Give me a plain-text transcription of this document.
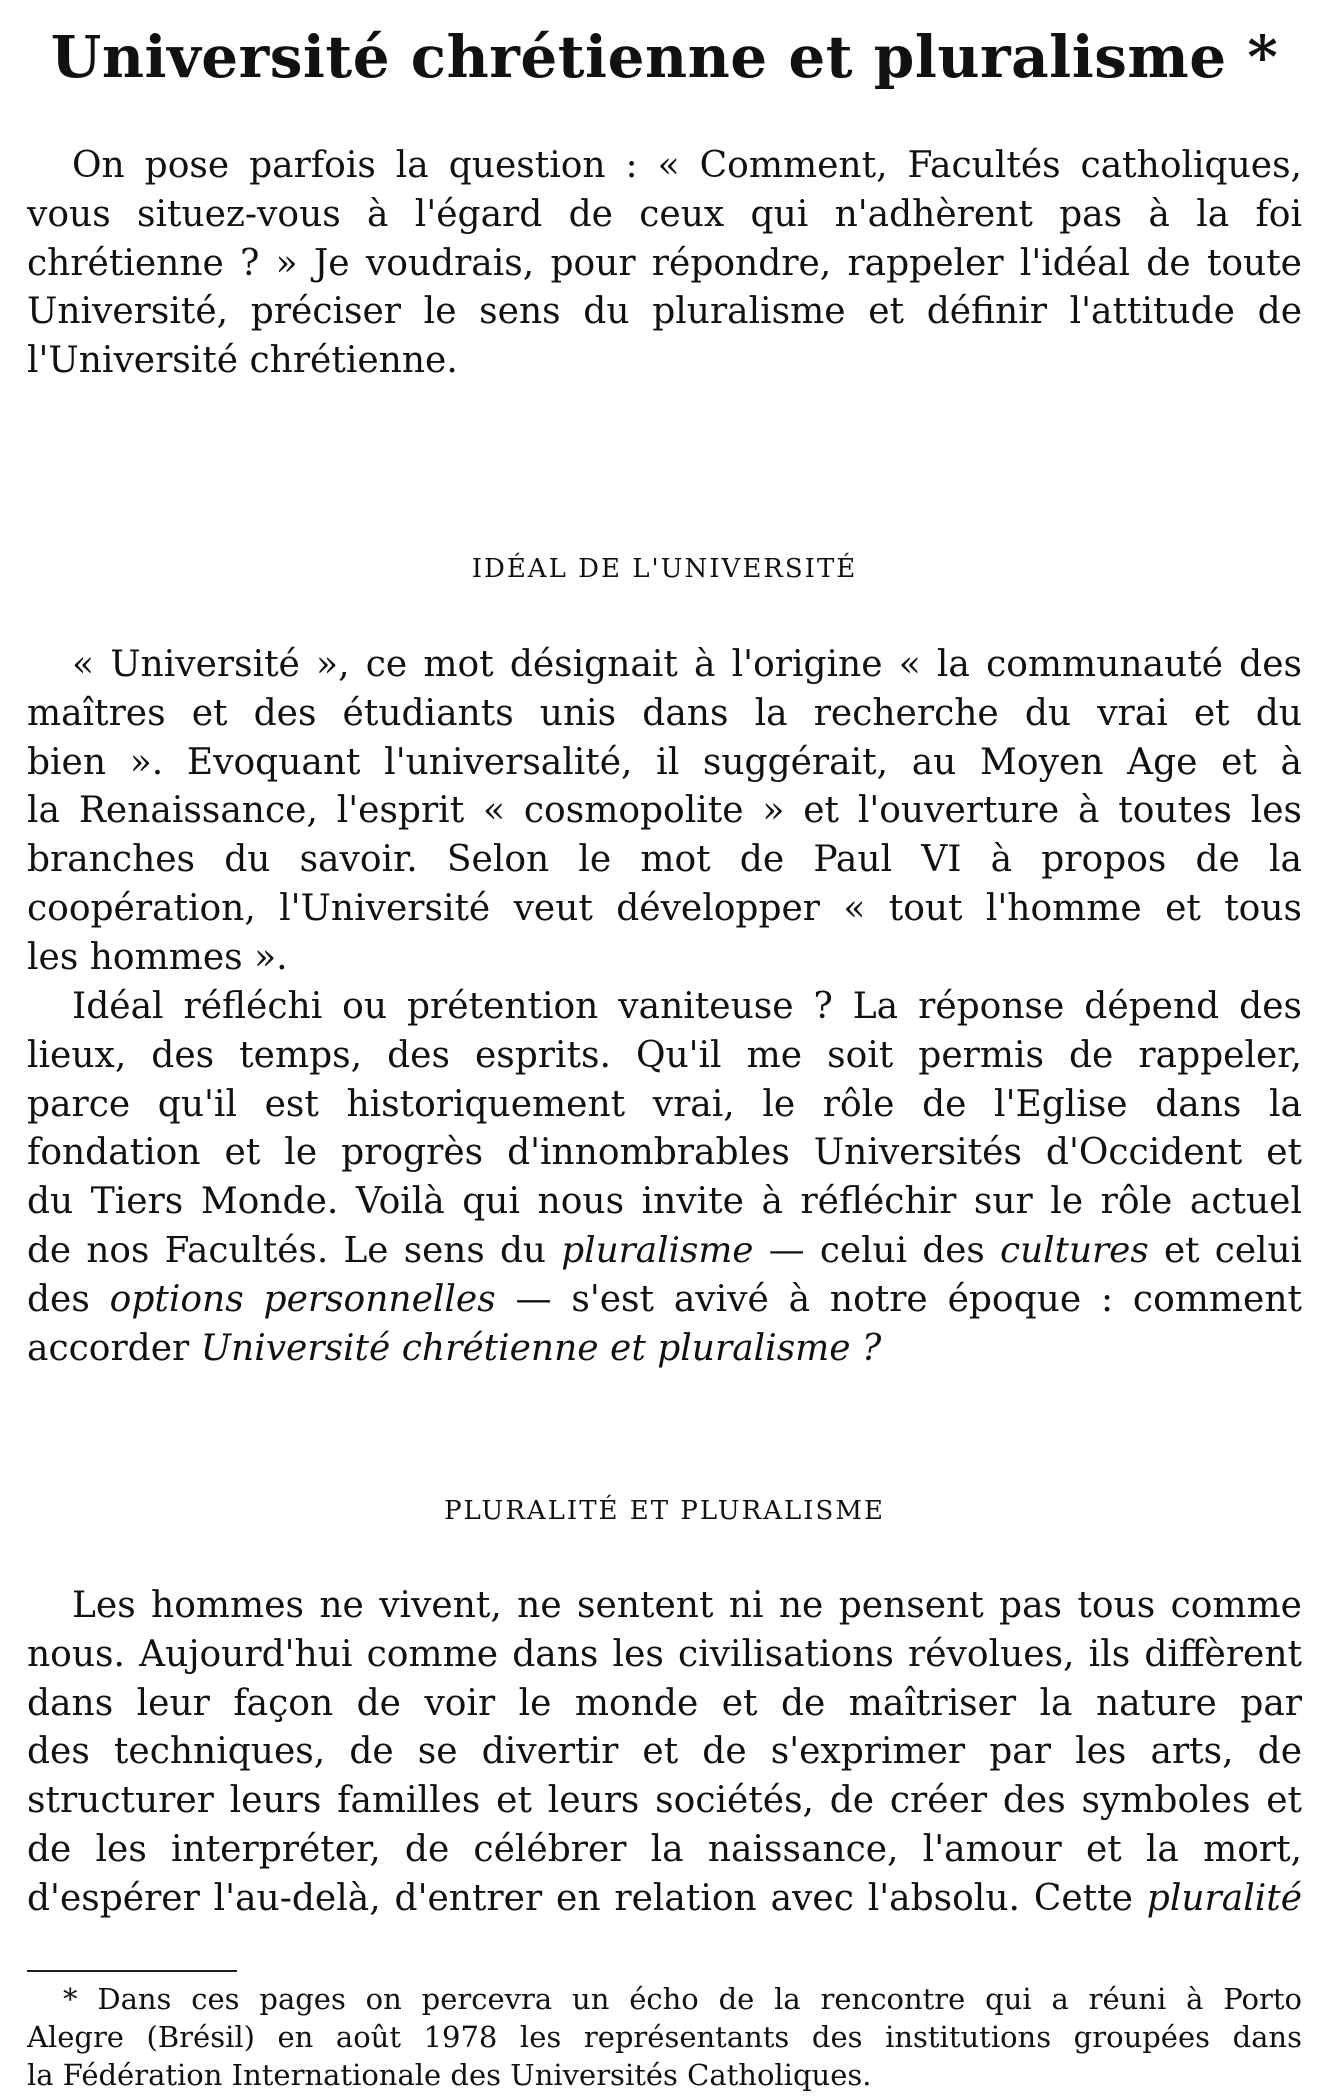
Université chrétienne et pluralisme *
On pose parfois la question : « Comment, Facultés catholiques,
vous situez-vous à l'égard de ceux qui n'adhèrent pas à la foi
chrétienne ? » Je voudrais, pour répondre, rappeler l'idéal de toute
Université, préciser le sens du pluralisme et définir l'attitude de
l'Université chrétienne.
IDÉAL DE L'UNIVERSITÉ
« Université », ce mot désignait à l'origine « la communauté des
maîtres et des étudiants unis dans la recherche du vrai et du
bien ». Evoquant l'universalité, il suggérait, au Moyen Age et à
la Renaissance, l'esprit « cosmopolite » et l'ouverture à toutes les
branches du savoir. Selon le mot de Paul VI à propos de la
coopération, l'Université veut développer « tout l'homme et tous
les hommes ».
Idéal réfléchi ou prétention vaniteuse ? La réponse dépend des
lieux, des temps, des esprits. Qu'il me soit permis de rappeler,
parce qu'il est historiquement vrai, le rôle de l'Eglise dans la
fondation et le progrès d'innombrables Universités d'Occident et
du Tiers Monde. Voilà qui nous invite à réfléchir sur le rôle actuel
de nos Facultés. Le sens du pluralisme — celui des cultures et celui
des options personnelles — s'est avivé à notre époque : comment
accorder Université chrétienne et pluralisme ?
PLURALITÉ ET PLURALISME
Les hommes ne vivent, ne sentent ni ne pensent pas tous comme
nous. Aujourd'hui comme dans les civilisations révolues, ils diffèrent
dans leur façon de voir le monde et de maîtriser la nature par
des techniques, de se divertir et de s'exprimer par les arts, de
structurer leurs familles et leurs sociétés, de créer des symboles et
de les interpréter, de célébrer la naissance, l'amour et la mort,
d'espérer l'au-delà, d'entrer en relation avec l'absolu. Cette pluralité
* Dans ces pages on percevra un écho de la rencontre qui a réuni à Porto
Alegre (Brésil) en août 1978 les représentants des institutions groupées dans
la Fédération Internationale des Universités Catholiques.
